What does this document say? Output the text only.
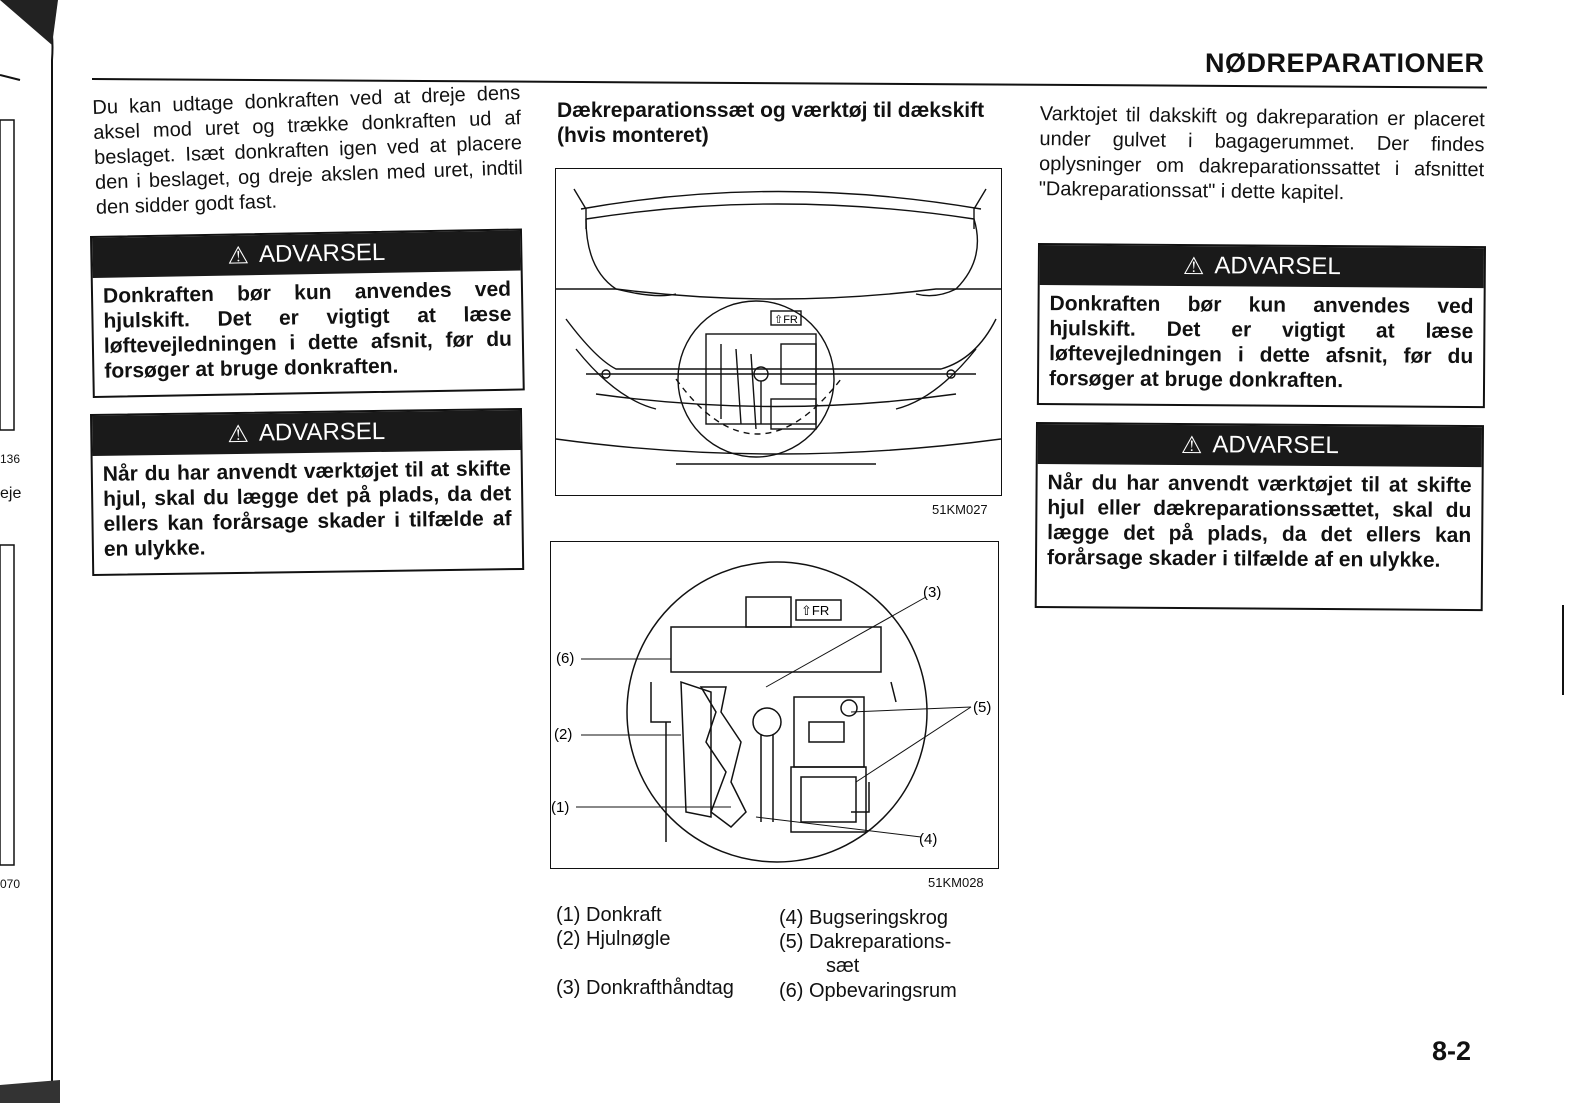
136
eje
070
NØDREPARATIONER
Du kan udtage donkraften ved at dreje dens aksel mod uret og trække donkraften ud af beslaget. Isæt donkraften igen ved at placere den i beslaget, og dreje akslen med uret, indtil den sidder godt fast.
⚠ ADVARSEL
Donkraften bør kun anvendes ved hjulskift. Det er vigtigt at læse løftevejledningen i dette afsnit, før du forsøger at bruge donkraften.
⚠ ADVARSEL
Når du har anvendt værktøjet til at skifte hjul, skal du lægge det på plads, da det ellers kan forårsage skader i tilfælde af en ulykke.
Dækreparationssæt og værktøj til dækskift (hvis monteret)
⇧FR
51KM027
⇧FR
(6)
(2)
(1)
(3)
(5)
(4)
51KM028
(1) Donkraft
(2) Hjulnøgle
(3) Donkrafthåndtag
(4) Bugseringskrog
(5) Dakreparations-
sæt
(6) Opbevaringsrum
Varktojet til dakskift og dakreparation er placeret under gulvet i bagagerummet. Der findes oplysninger om dakreparationssattet i afsnittet "Dakreparationssat" i dette kapitel.
⚠ ADVARSEL
Donkraften bør kun anvendes ved hjulskift. Det er vigtigt at læse løftevejledningen i dette afsnit, før du forsøger at bruge donkraften.
⚠ ADVARSEL
Når du har anvendt værktøjet til at skifte hjul eller dækreparationssættet, skal du lægge det på plads, da det ellers kan forårsage skader i tilfælde af en ulykke.
8-2
